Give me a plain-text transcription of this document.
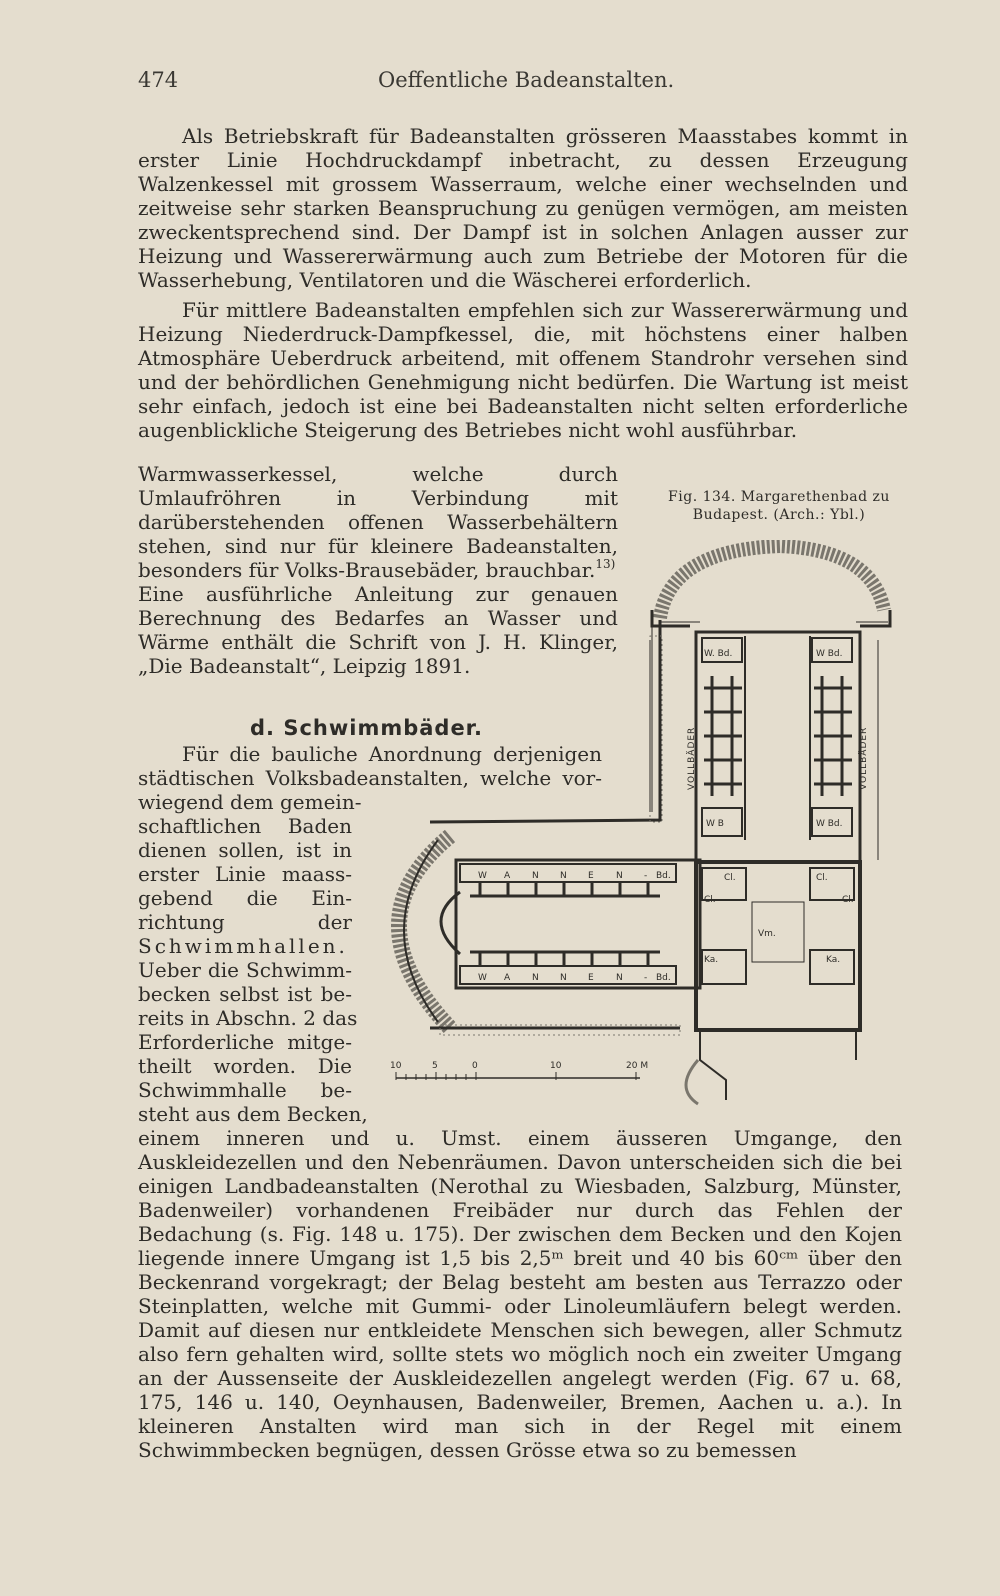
474	Oeffentliche Badeanstalten.

Als Betriebskraft für Badeanstalten grösseren Maasstabes kommt in erster Linie Hochdruckdampf inbetracht, zu dessen Erzeugung Walzenkessel mit grossem Wasserraum, welche einer wechselnden und zeitweise sehr starken Beanspruchung zu genügen vermögen, am meisten zweckentsprechend sind. Der Dampf ist in solchen Anlagen ausser zur Heizung und Wassererwärmung auch zum Betriebe der Motoren für die Wasserhebung, Ventilatoren und die Wäscherei erforderlich.

Für mittlere Badeanstalten empfehlen sich zur Wassererwärmung und Heizung Niederdruck-Dampfkessel, die, mit höchstens einer halben Atmosphäre Ueberdruck arbeitend, mit offenem Standrohr versehen sind und der behördlichen Genehmigung nicht bedürfen. Die Wartung ist meist sehr einfach, jedoch ist eine bei Badeanstalten nicht selten erforderliche augenblickliche Steigerung des Betriebes nicht wohl ausführbar.

Warmwasserkessel, welche durch Umlaufröhren in Verbindung mit darüberstehenden offenen Wasserbehältern stehen, sind nur für kleinere Badeanstalten, besonders für Volks-Brausebäder, brauchbar.$^{13)}$

Eine ausführliche Anleitung zur genauen Berechnung des Bedarfes an Wasser und Wärme enthält die Schrift von J. H. Klinger, „Die Badeanstalt“, Leipzig 1891.

d. Schwimmbäder.

Für die bauliche Anordnung derjenigen

städtischen Volksbadeanstalten, welche vor-

wiegend dem gemein-

schaftlichen Baden

dienen sollen, ist in

erster Linie maass-

gebend die Ein-

richtung der

Schwimmhallen.

Ueber die Schwimm-

becken selbst ist be-

reits in Abschn. 2 das

Erforderliche mitge-

theilt worden. Die

Schwimmhalle be-

steht aus dem Becken,

einem inneren und u. Umst. einem äusseren Umgange, den Auskleidezellen und den Nebenräumen. Davon unterscheiden sich die bei einigen Landbadeanstalten (Nerothal zu Wiesbaden, Salzburg, Münster, Badenweiler) vorhandenen Freibäder nur durch das Fehlen der Bedachung (s. Fig. 148 u. 175). Der zwischen dem Becken und den Kojen liegende innere Umgang ist 1,5 bis 2,5ᵐ breit und 40 bis 60ᶜᵐ über den Beckenrand vorgekragt; der Belag besteht am besten aus Terrazzo oder Steinplatten, welche mit Gummi- oder Linoleumläufern belegt werden. Damit auf diesen nur entkleidete Menschen sich bewegen, aller Schmutz also fern gehalten wird, sollte stets wo möglich noch ein zweiter Umgang an der Aussenseite der Auskleidezellen angelegt werden (Fig. 67 u. 68, 175, 146 u. 140, Oeynhausen, Badenweiler, Bremen, Aachen u. a.). In kleineren Anstalten wird man sich in der Regel mit einem Schwimmbecken begnügen, dessen Grösse etwa so zu bemessen

Fig. 134. Margarethenbad zu

Budapest. (Arch.: Ybl.)

W. Bd.	W Bd.
W B	W Bd.
VOLLBÄDER	VOLLBÄDER
Cl.	Cl.
Cl.	Cl.
Vm.
Ka.	Ka.
W A N N E N - Bd.
W A N N E N - Bd.
10	5	0	10	20 M
